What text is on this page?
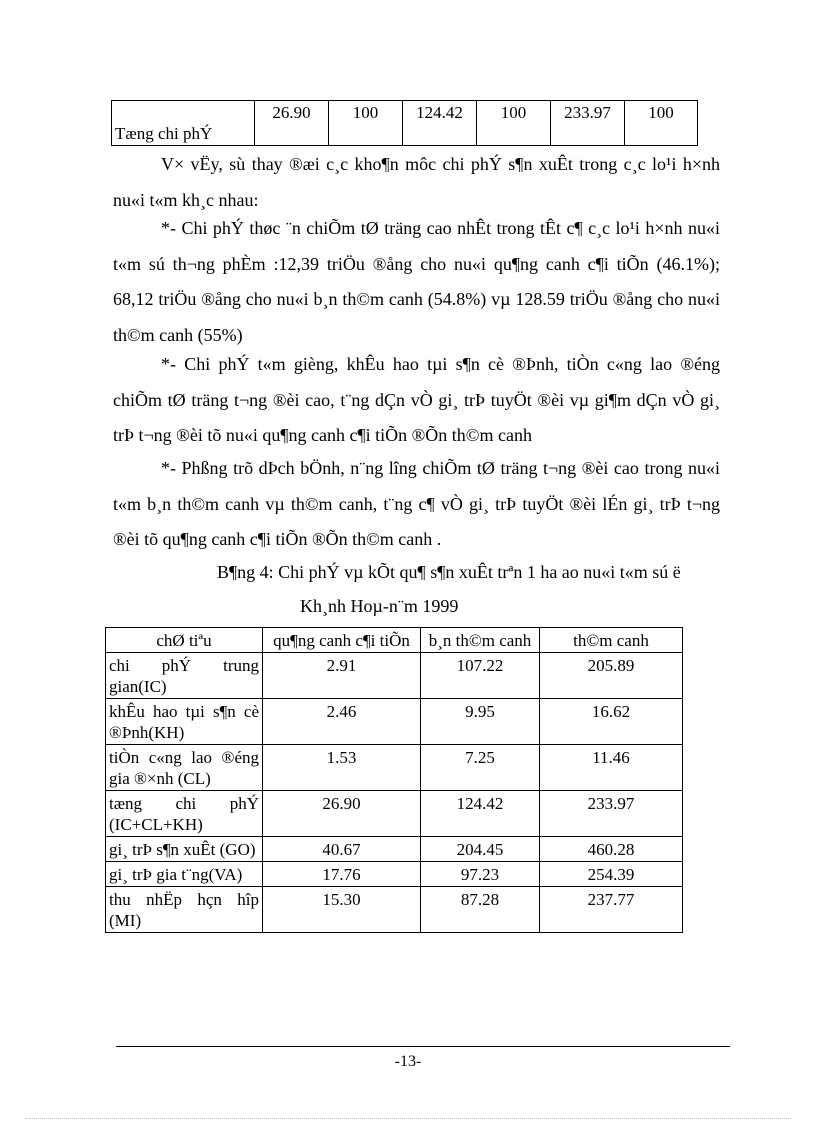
Tæng chi phÝ	26.90	100	124.42	100	233.97	100

V× vËy, sù thay ®æi c¸c kho¶n môc chi phÝ s¶n xuÊt trong c¸c lo¹i h×nh nu«i t«m kh¸c nhau:

*- Chi phÝ thøc ¨n chiÕm tØ träng cao nhÊt trong tÊt c¶ c¸c lo¹i h×nh nu«i t«m sú th¬ng phÈm :12,39 triÖu ®ång cho nu«i qu¶ng canh c¶i tiÕn (46.1%); 68,12 triÖu ®ång cho nu«i b¸n th©m canh (54.8%) vµ 128.59 triÖu ®ång cho nu«i th©m canh (55%)

*- Chi phÝ t«m gièng, khÊu hao tµi s¶n cè ®Þnh, tiÒn c«ng lao ®éng chiÕm tØ träng t¬ng ®èi cao, t¨ng dÇn vÒ gi¸ trÞ tuyÖt ®èi vµ gi¶m dÇn vÒ gi¸ trÞ t¬ng ®èi tõ nu«i qu¶ng canh c¶i tiÕn ®Õn th©m canh

*- Phßng trõ dÞch bÖnh, n¨ng lîng chiÕm tØ träng t¬ng ®èi cao trong nu«i t«m b¸n th©m canh vµ th©m canh, t¨ng c¶ vÒ gi¸ trÞ tuyÖt ®èi lÉn gi¸ trÞ t¬ng ®èi tõ qu¶ng canh c¶i tiÕn ®Õn th©m canh .

B¶ng 4: Chi phÝ vµ kÕt qu¶ s¶n xuÊt trªn 1 ha ao nu«i t«m sú ë

Kh¸nh Hoµ-n¨m 1999

chØ tiªu	qu¶ng canh c¶i tiÕn	b¸n th©m canh	th©m canh
chi phÝ trung gian(IC)	2.91	107.22	205.89
khÊu hao tµi s¶n cè ®Þnh(KH)	2.46	9.95	16.62
tiÒn c«ng lao ®éng gia ®×nh (CL)	1.53	7.25	11.46
tæng chi phÝ (IC+CL+KH)	26.90	124.42	233.97
gi¸ trÞ s¶n xuÊt (GO)	40.67	204.45	460.28
gi¸ trÞ gia t¨ng(VA)	17.76	97.23	254.39
thu nhËp hçn hîp (MI)	15.30	87.28	237.77
-13-
